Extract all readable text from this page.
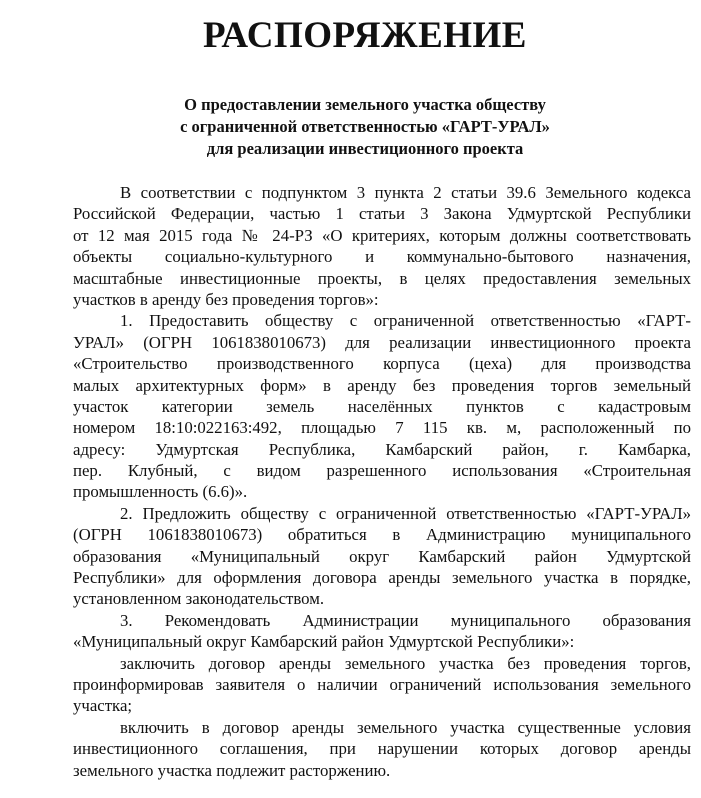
РАСПОРЯЖЕНИЕ
О предоставлении земельного участка обществу
с ограниченной ответственностью «ГАРТ-УРАЛ»
для реализации инвестиционного проекта
В соответствии с подпунктом 3 пункта 2 статьи 39.6 Земельного кодекса
Российской Федерации, частью 1 статьи 3 Закона Удмуртской Республики
от 12 мая 2015 года № 24-РЗ «О критериях, которым должны соответствовать
объекты социально-культурного и коммунально-бытового назначения,
масштабные инвестиционные проекты, в целях предоставления земельных
участков в аренду без проведения торгов»:
1. Предоставить обществу с ограниченной ответственностью «ГАРТ-
УРАЛ» (ОГРН 1061838010673) для реализации инвестиционного проекта
«Строительство производственного корпуса (цеха) для производства
малых архитектурных форм» в аренду без проведения торгов земельный
участок категории земель населённых пунктов с кадастровым
номером 18:10:022163:492, площадью 7 115 кв. м, расположенный по
адресу: Удмуртская Республика, Камбарский район, г. Камбарка,
пер. Клубный, с видом разрешенного использования «Строительная
промышленность (6.6)».
2. Предложить обществу с ограниченной ответственностью «ГАРТ-УРАЛ»
(ОГРН 1061838010673) обратиться в Администрацию муниципального
образования «Муниципальный округ Камбарский район Удмуртской
Республики» для оформления договора аренды земельного участка в порядке,
установленном законодательством.
3. Рекомендовать Администрации муниципального образования
«Муниципальный округ Камбарский район Удмуртской Республики»:
заключить договор аренды земельного участка без проведения торгов,
проинформировав заявителя о наличии ограничений использования земельного
участка;
включить в договор аренды земельного участка существенные условия
инвестиционного соглашения, при нарушении которых договор аренды
земельного участка подлежит расторжению.
